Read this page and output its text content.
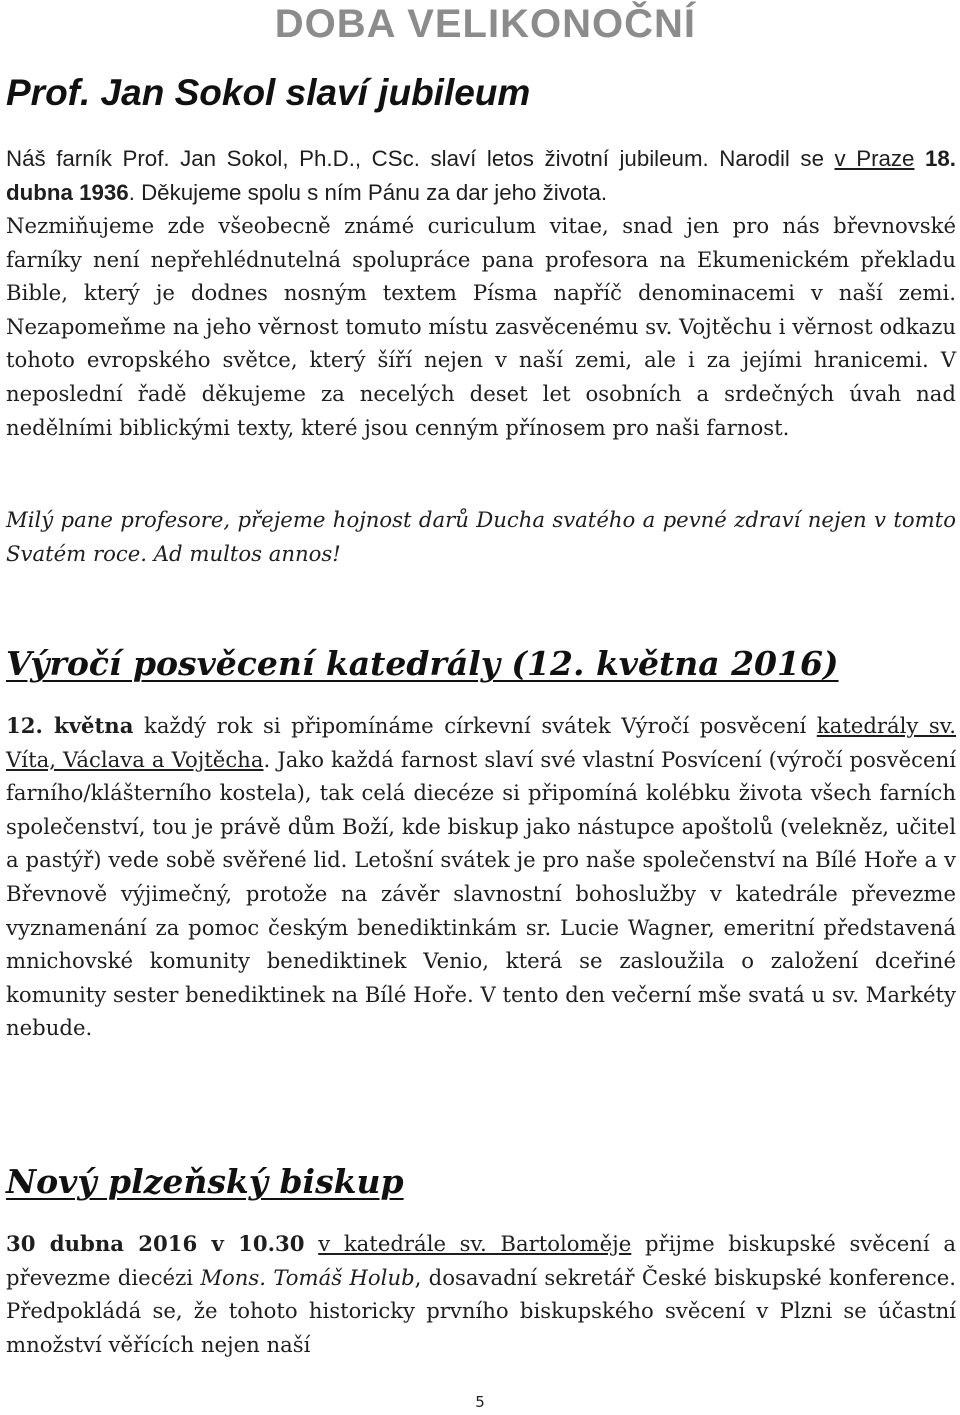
DOBA VELIKONOČNÍ
Prof. Jan Sokol slaví jubileum

Náš farník Prof. Jan Sokol, Ph.D., CSc. slaví letos životní jubileum. Narodil se v Praze 18. dubna 1936. Děkujeme spolu s ním Pánu za dar jeho života.

Nezmiňujeme zde všeobecně známé curiculum vitae, snad jen pro nás břevnovské farníky není nepřehlédnutelná spolupráce pana profesora na Ekumenickém překladu Bible, který je dodnes nosným textem Písma napříč denominacemi v naší zemi. Nezapomeňme na jeho věrnost tomuto místu zasvěcenému sv. Vojtěchu i věrnost odkazu tohoto evropského světce, který šíří nejen v naší zemi, ale i za jejími hranicemi. V neposlední řadě děkujeme za necelých deset let osobních a srdečných úvah nad nedělními biblickými texty, které jsou cenným přínosem pro naši farnost.

Milý pane profesore, přejeme hojnost darů Ducha svatého a pevné zdraví nejen v tomto Svatém roce. Ad multos annos!

Výročí posvěcení katedrály (12. května 2016)

12. května každý rok si připomínáme církevní svátek Výročí posvěcení katedrály sv. Víta, Václava a Vojtěcha. Jako každá farnost slaví své vlastní Posvícení (výročí posvěcení farního/klášterního kostela), tak celá diecéze si připomíná kolébku života všech farních společenství, tou je právě dům Boží, kde biskup jako nástupce apoštolů (velekněz, učitel a pastýř) vede sobě svěřené lid. Letošní svátek je pro naše společenství na Bílé Hoře a v Břevnově výjimečný, protože na závěr slavnostní bohoslužby v katedrále převezme vyznamenání za pomoc českým benediktinkám sr. Lucie Wagner, emeritní představená mnichovské komunity benediktinek Venio, která se zasloužila o založení dceřiné komunity sester benediktinek na Bílé Hoře. V tento den večerní mše svatá u sv. Markéty nebude.

Nový plzeňský biskup

30 dubna 2016 v 10.30 v katedrále sv. Bartoloměje přijme biskupské svěcení a převezme diecézi Mons. Tomáš Holub, dosavadní sekretář České biskupské konference. Předpokládá se, že tohoto historicky prvního biskupského svěcení v Plzni se účastní množství věřících nejen naší

5
